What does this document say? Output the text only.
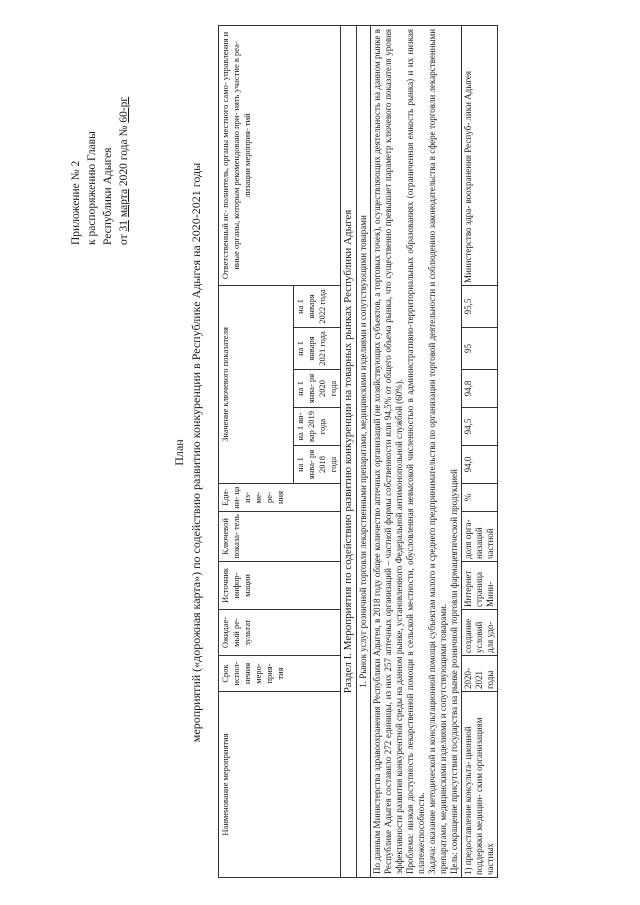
Приложение № 2 к распоряжению Главы Республики Адыгея от 31 марта 2020 года № 60-рг
План мероприятий («дорожная карта») по содействию развитию конкуренции в Республике Адыгея на 2020-2021 годы
Наименование мероприятия	Срок испол- нения меро- прия- тия	Ожидае- мый ре- зультат	Источник инфор- мации	Ключевой показа- тель	Еди- ни- ца из- ме- ре- ния	Значение ключевого показателя					Ответственный ис- полнитель, органы местного само- управления и иные органы, которым рекомендовано при- нять участие в реа- лизации мероприя- тий
						на 1 янва- ря 2018 года	на 1 ян- вар 2019 года	на 1 янва- ря 2020 года	на 1 января 2021 года	на 1 января 2022 года	
Раздел I. Мероприятия по содействию развитию конкуренции на товарных рынках Республики Адыгея											
1. Рынок услуг розничной торговли лекарственными препаратами, медицинскими изделиями и сопутствующими товарами											

По данным Министерства здравоохранения Республики Адыгея, в 2018 году общее количество аптечных организаций (не хозяйствующих субъектов, а торговых точек), осуществляющих деятельность на данном рынке в Республике Адыгея составило 272 единицы, из них 257 аптечных организаций – частной формы собственности или 94,5% от общего объема рынка, что существенно превышает параметр ключевого показателя уровня эффективности развития конкурентной среды на данном рынке, установленного Федеральной антимонопольной службой (60%). Проблема: низкая доступность лекарственной помощи в сельской местности, обусловленная невысокой численностью в административно-территориальных образованиях (ограниченная емкость рынка) и их низкая платежеспособность. Задача: оказание методической и консультационной помощи субъектам малого и среднего предпринимательства по организации торговой деятельности и соблюдению законодательства в сфере торговли лекарственными препаратами, медицинскими изделиями и сопутствующими товарами. Цель: сокращение присутствия государства на рынке розничной торговли фармацевтической продукцией											

1) предоставление консульта- ционной поддержки медицин- ским организациям частных	2020- 2021 годы	создание условий для удо-	Интернет страница Мини-	доля орга- низаций частной	%	94,0	94,5	94,8	95	95,5	Министерство здра- воохранения Респуб- лики Адыгея
